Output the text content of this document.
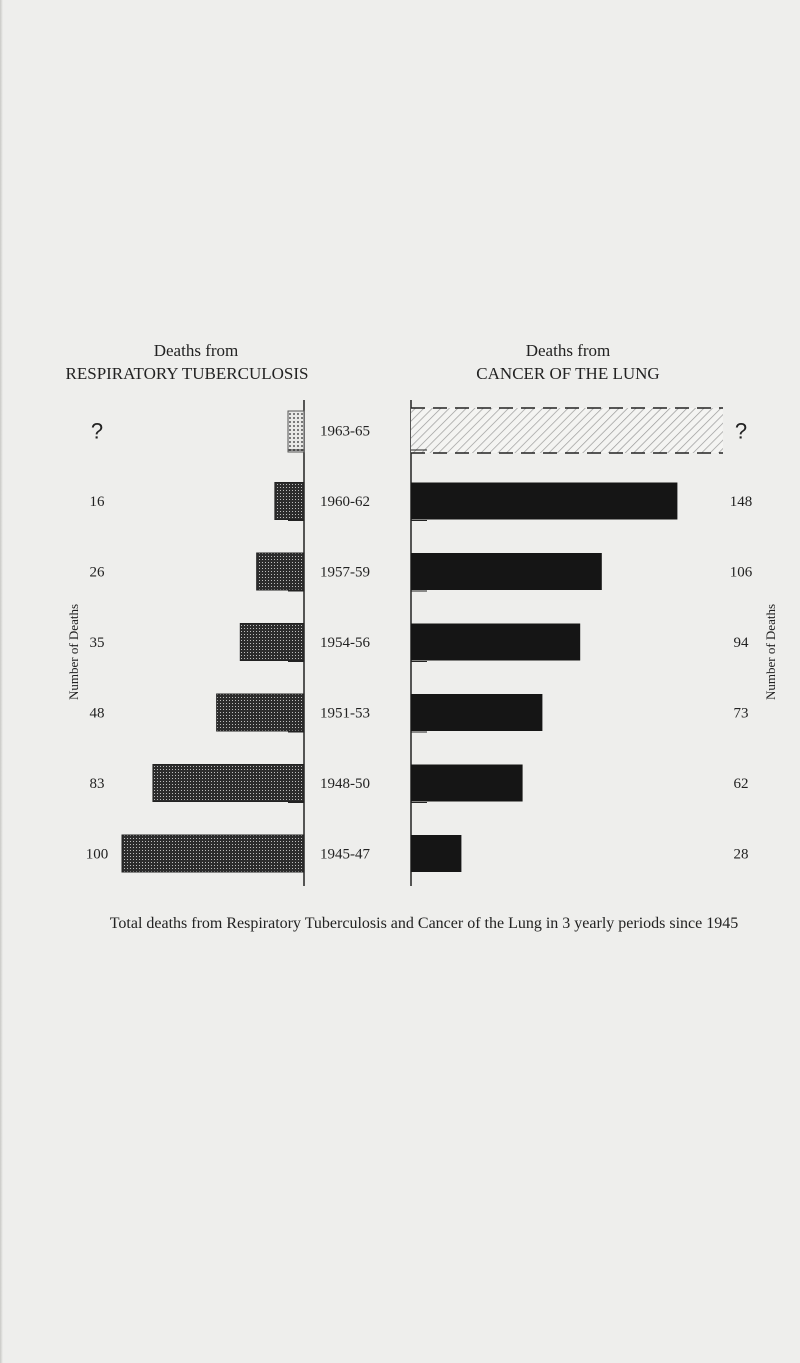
Deaths from
RESPIRATORY TUBERCULOSIS
Deaths from
CANCER OF THE LUNG
Number of Deaths	Number of Deaths
1963-65
?	?
1960-62
16	148
1957-59
26	106
1954-56
35	94
1951-53
48	73
1948-50
83	62
1945-47
100	28
Total deaths from Respiratory Tuberculosis and Cancer of the Lung in 3 yearly periods since 1945
